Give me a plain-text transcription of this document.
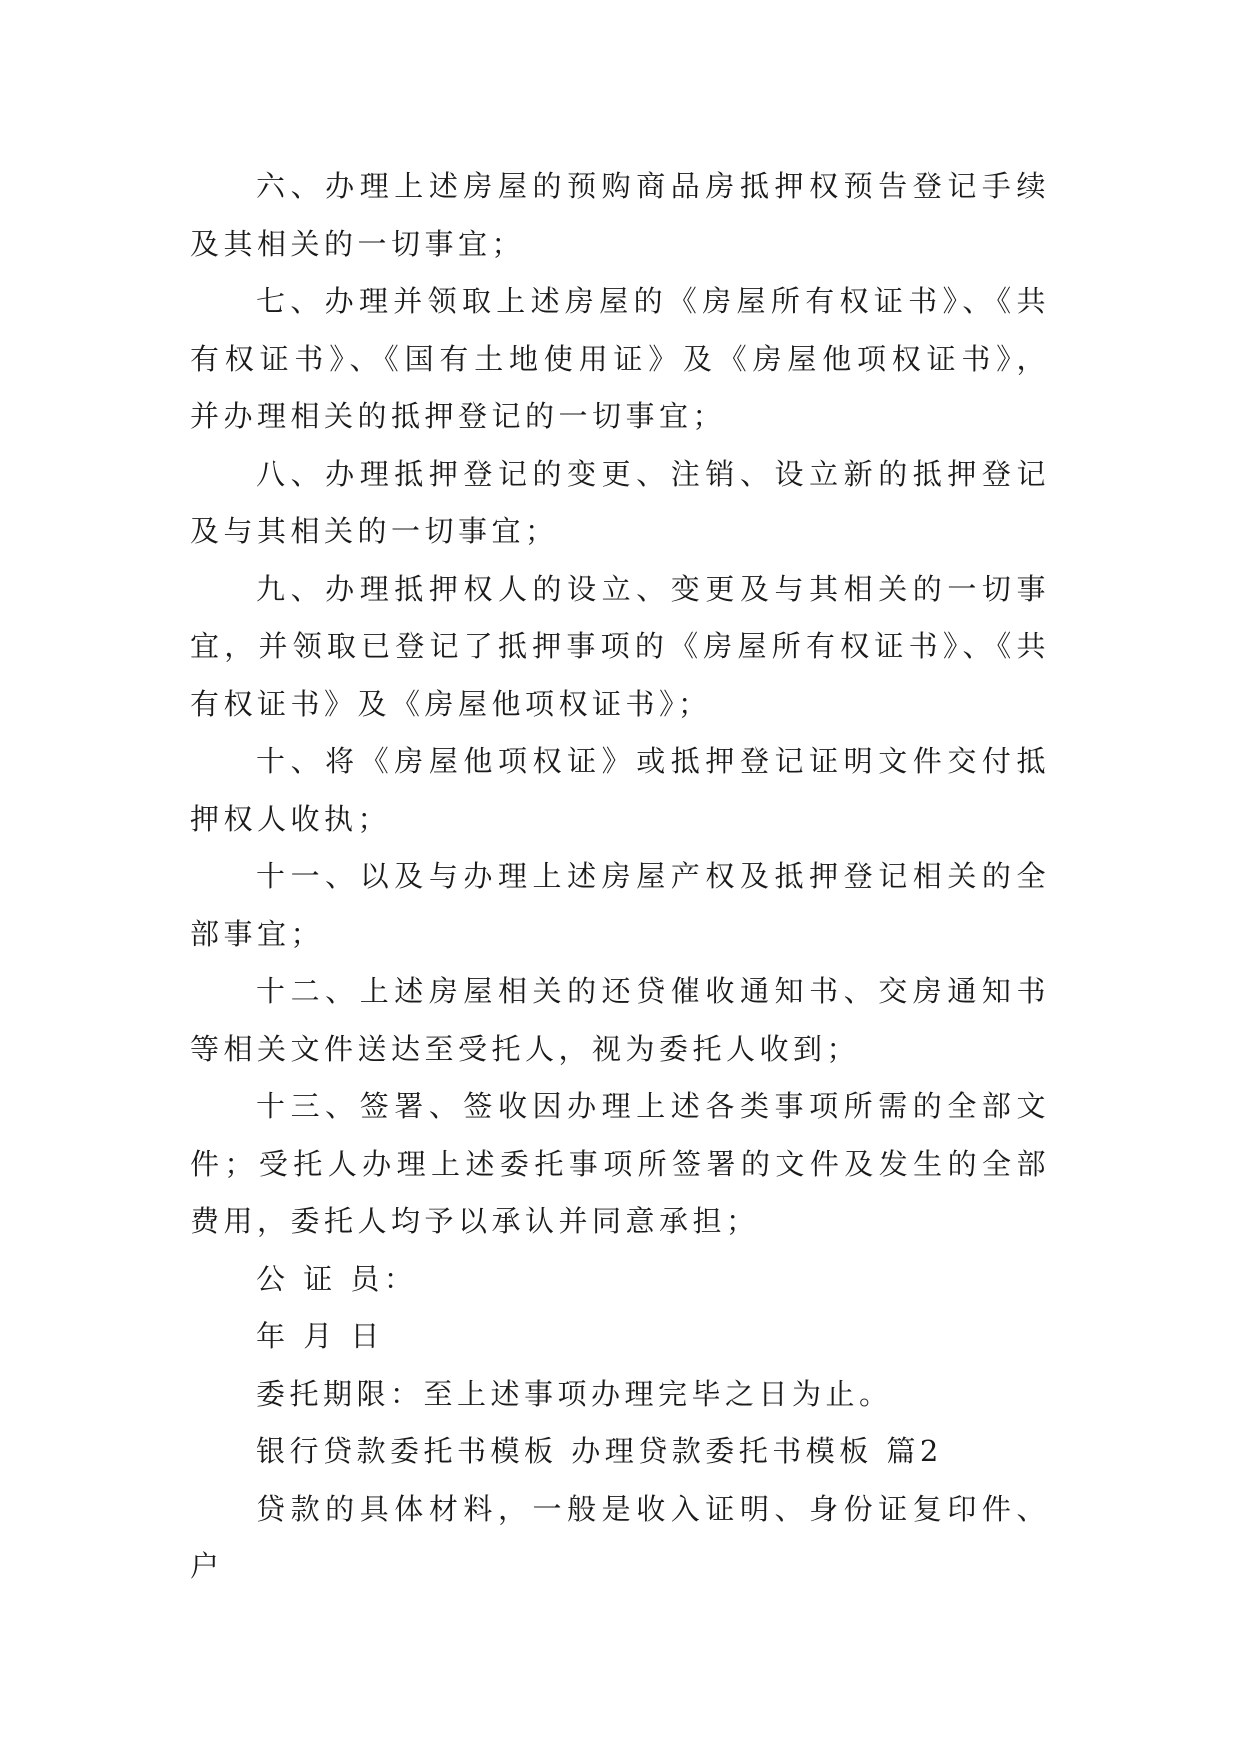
六、办理上述房屋的预购商品房抵押权预告登记手续及其相关的一切事宜；

七、办理并领取上述房屋的《房屋所有权证书》、《共有权证书》、《国有土地使用证》及《房屋他项权证书》，并办理相关的抵押登记的一切事宜；

八、办理抵押登记的变更、注销、设立新的抵押登记及与其相关的一切事宜；

九、办理抵押权人的设立、变更及与其相关的一切事宜，并领取已登记了抵押事项的《房屋所有权证书》、《共有权证书》及《房屋他项权证书》；

十、将《房屋他项权证》或抵押登记证明文件交付抵押权人收执；

十一、以及与办理上述房屋产权及抵押登记相关的全部事宜；

十二、上述房屋相关的还贷催收通知书、交房通知书等相关文件送达至受托人，视为委托人收到；

十三、签署、签收因办理上述各类事项所需的全部文件；受托人办理上述委托事项所签署的文件及发生的全部费用，委托人均予以承认并同意承担；

公 证 员：

年 月 日

委托期限：至上述事项办理完毕之日为止。

银行贷款委托书模板 办理贷款委托书模板 篇2

贷款的具体材料，一般是收入证明、身份证复印件、户
